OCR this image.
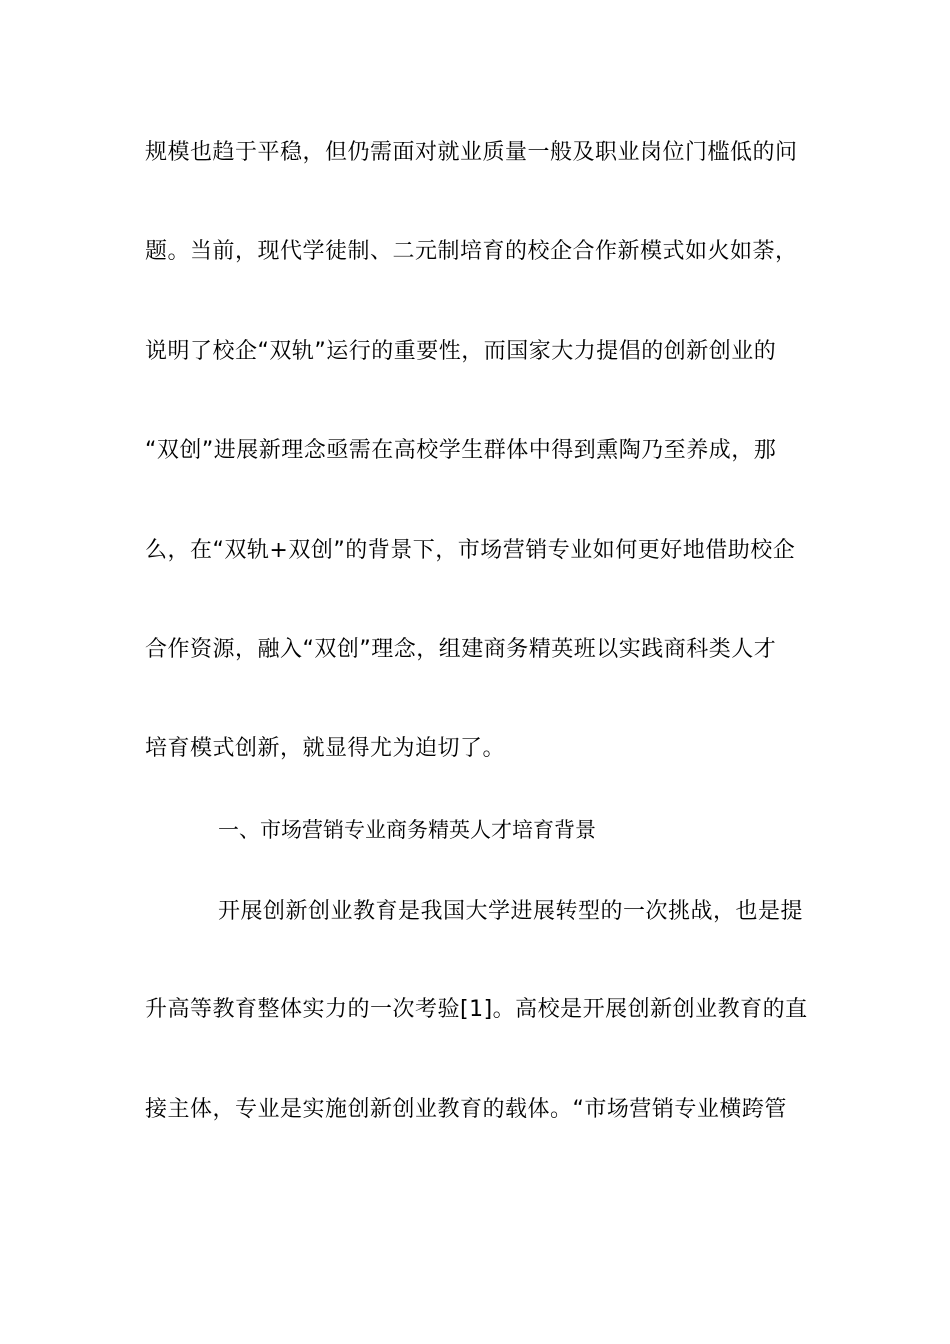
规模也趋于平稳，但仍需面对就业质量一般及职业岗位门槛低的问
题。当前，现代学徒制、二元制培育的校企合作新模式如火如荼，
说明了校企“双轨”运行的重要性，而国家大力提倡的创新创业的
“双创”进展新理念亟需在高校学生群体中得到熏陶乃至养成，那
么，在“双轨+双创”的背景下，市场营销专业如何更好地借助校企
合作资源，融入“双创”理念，组建商务精英班以实践商科类人才
培育模式创新，就显得尤为迫切了。
一、市场营销专业商务精英人才培育背景
开展创新创业教育是我国大学进展转型的一次挑战，也是提
升高等教育整体实力的一次考验[1]。高校是开展创新创业教育的直
接主体，专业是实施创新创业教育的载体。“市场营销专业横跨管
